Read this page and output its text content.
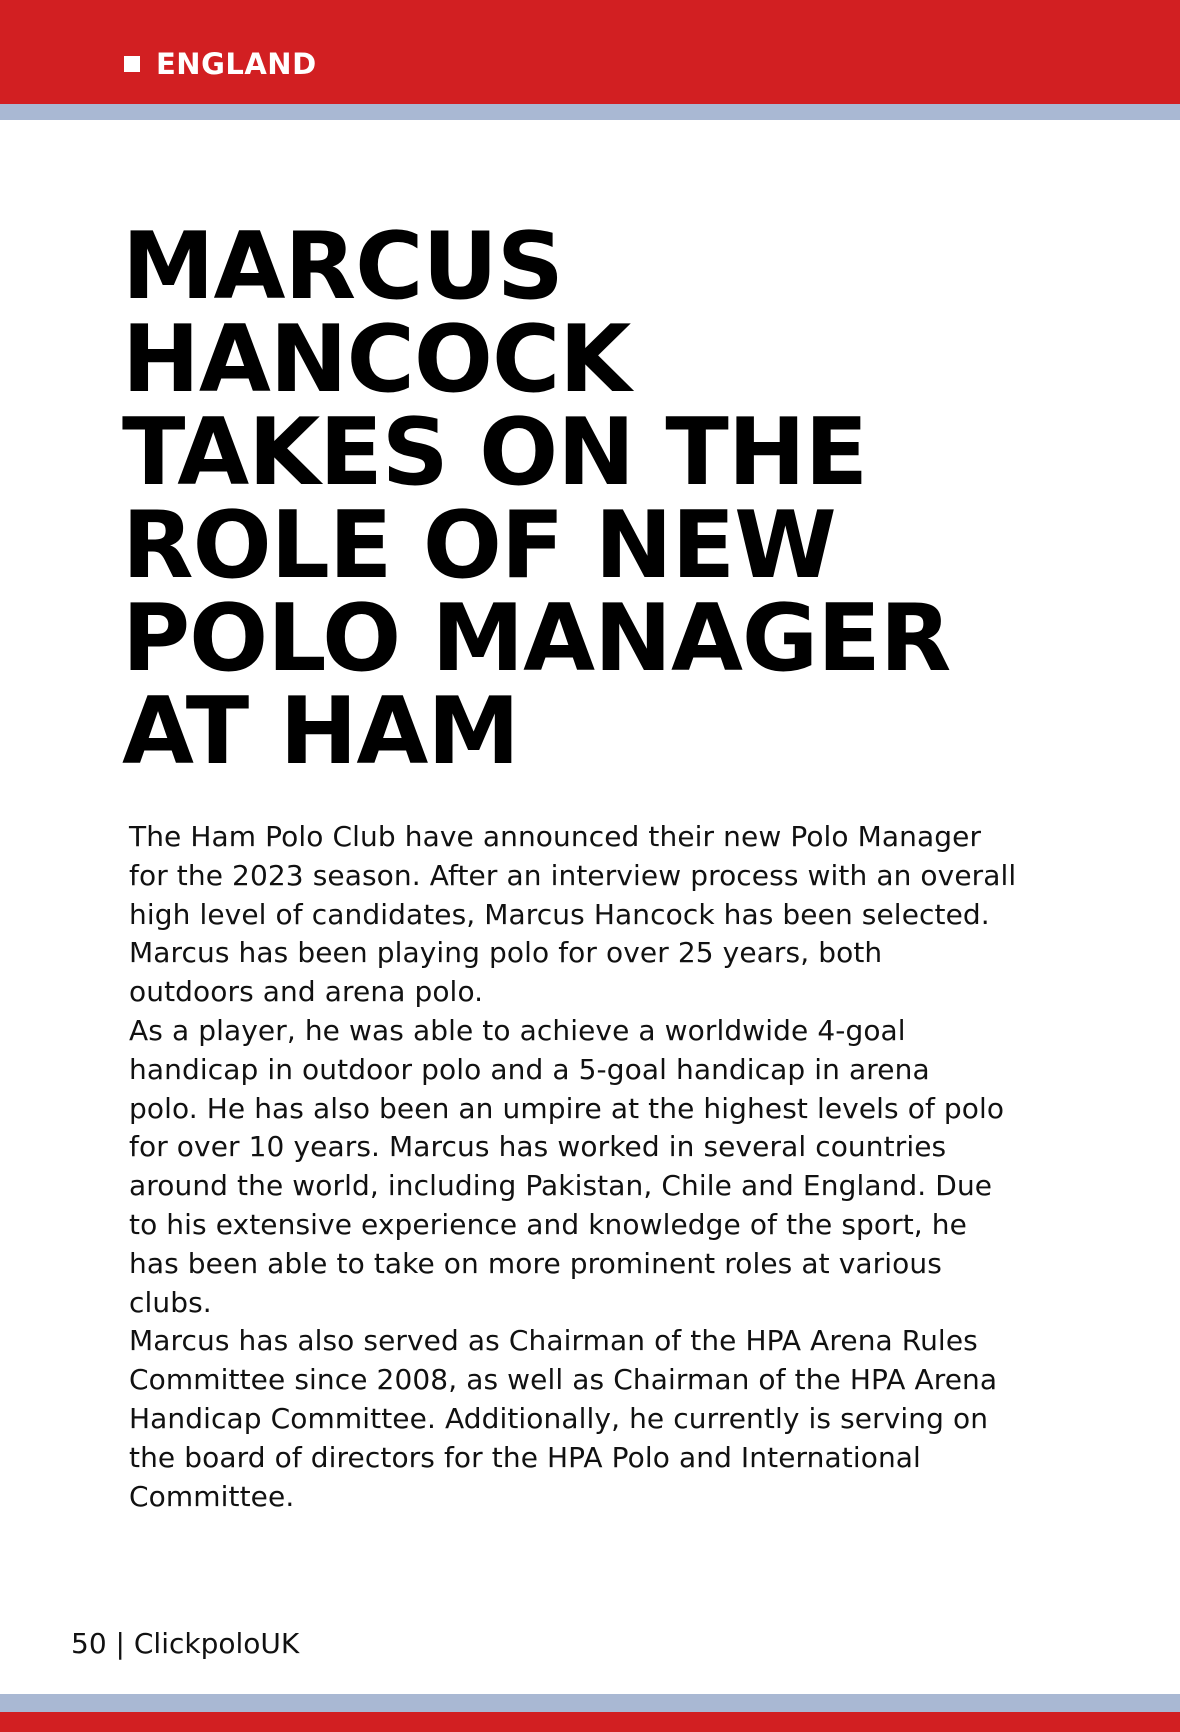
ENGLAND
MARCUS
HANCOCK
TAKES ON THE
ROLE OF NEW
POLO MANAGER
AT HAM
The Ham Polo Club have announced their new Polo Manager
for the 2023 season. After an interview process with an overall
high level of candidates, Marcus Hancock has been selected.
Marcus has been playing polo for over 25 years, both
outdoors and arena polo.
As a player, he was able to achieve a worldwide 4-goal
handicap in outdoor polo and a 5-goal handicap in arena
polo. He has also been an umpire at the highest levels of polo
for over 10 years. Marcus has worked in several countries
around the world, including Pakistan, Chile and England. Due
to his extensive experience and knowledge of the sport, he
has been able to take on more prominent roles at various
clubs.
Marcus has also served as Chairman of the HPA Arena Rules
Committee since 2008, as well as Chairman of the HPA Arena
Handicap Committee. Additionally, he currently is serving on
the board of directors for the HPA Polo and International
Committee.
50 | ClickpoloUK
